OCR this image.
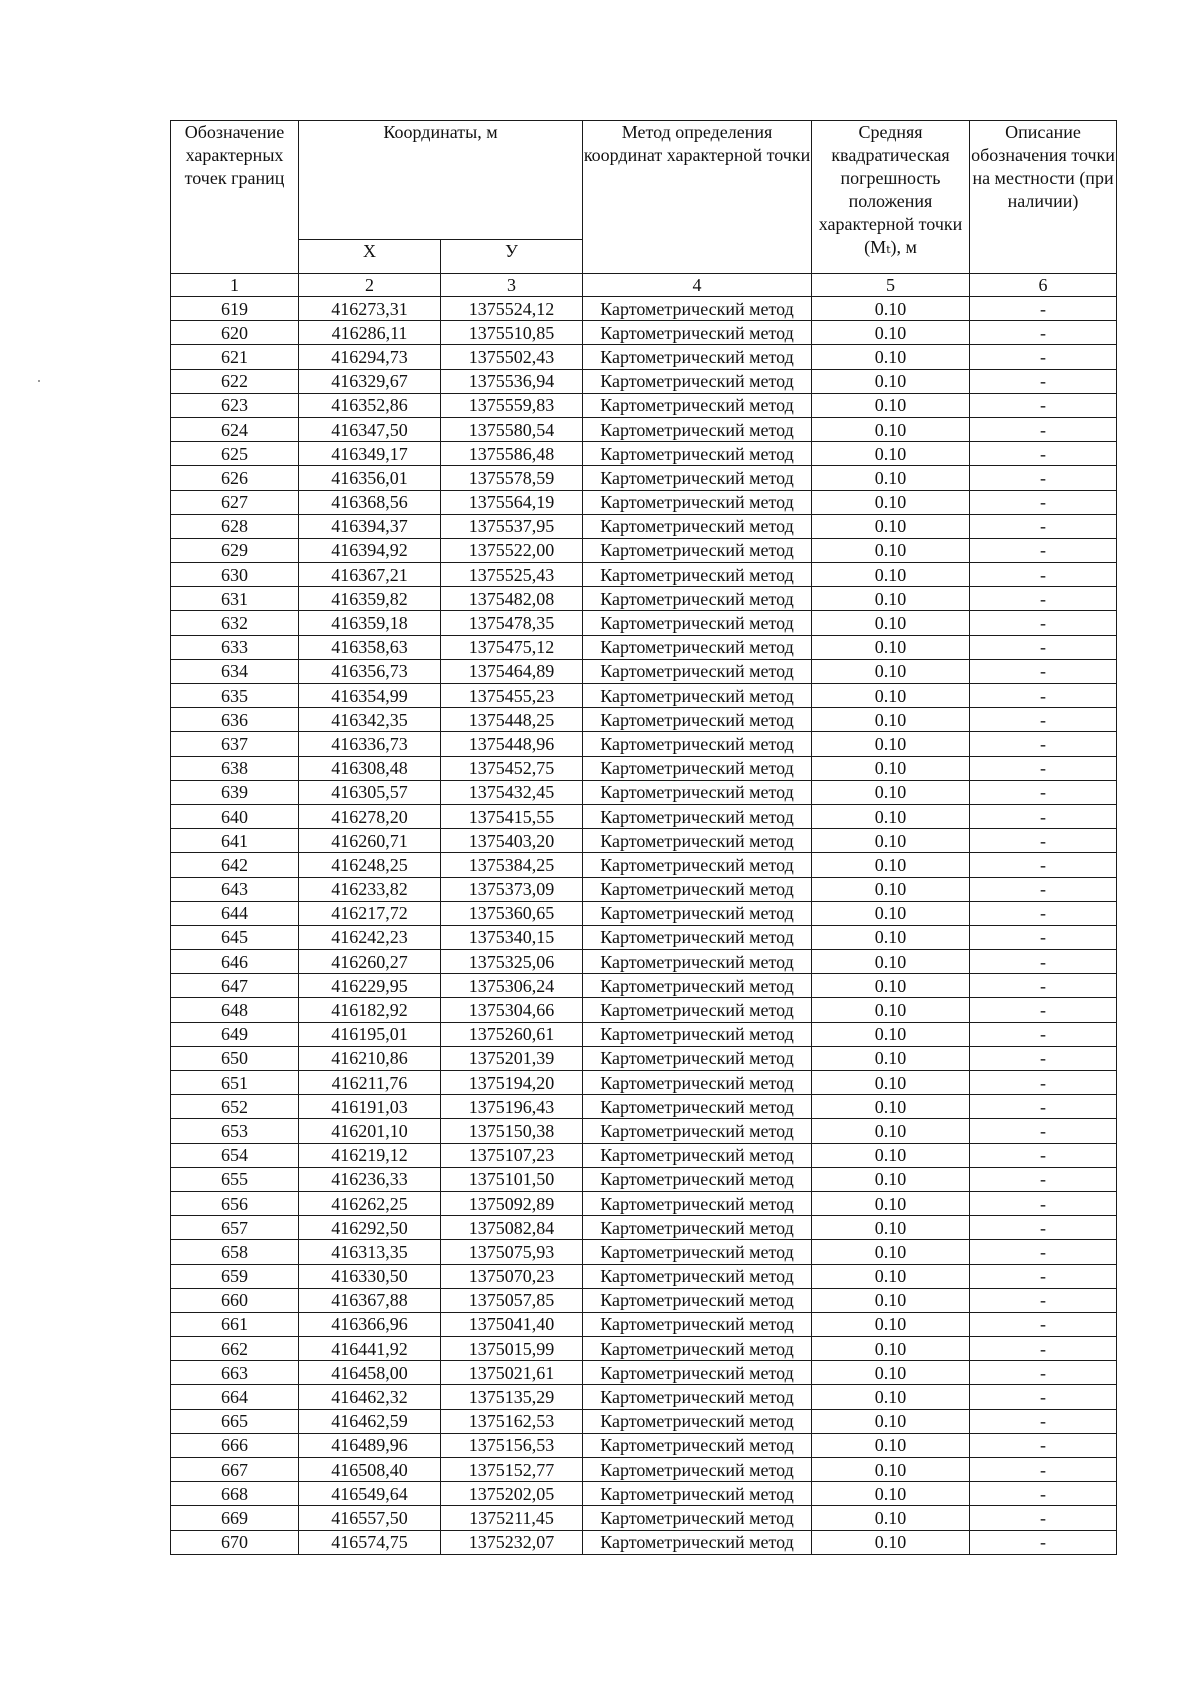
Обозначение характерных точек границ	Координаты, м		Метод определения координат характерной точки	Средняя квадратическая погрешность положения характерной точки (Mₜ), м	Описание обозначения точки на местности (при наличии)
	X	У			
1	2	3	4	5	6
619	416273,31	1375524,12	Картометрический метод	0.10	-
620	416286,11	1375510,85	Картометрический метод	0.10	-
621	416294,73	1375502,43	Картометрический метод	0.10	-
622	416329,67	1375536,94	Картометрический метод	0.10	-
623	416352,86	1375559,83	Картометрический метод	0.10	-
624	416347,50	1375580,54	Картометрический метод	0.10	-
625	416349,17	1375586,48	Картометрический метод	0.10	-
626	416356,01	1375578,59	Картометрический метод	0.10	-
627	416368,56	1375564,19	Картометрический метод	0.10	-
628	416394,37	1375537,95	Картометрический метод	0.10	-
629	416394,92	1375522,00	Картометрический метод	0.10	-
630	416367,21	1375525,43	Картометрический метод	0.10	-
631	416359,82	1375482,08	Картометрический метод	0.10	-
632	416359,18	1375478,35	Картометрический метод	0.10	-
633	416358,63	1375475,12	Картометрический метод	0.10	-
634	416356,73	1375464,89	Картометрический метод	0.10	-
635	416354,99	1375455,23	Картометрический метод	0.10	-
636	416342,35	1375448,25	Картометрический метод	0.10	-
637	416336,73	1375448,96	Картометрический метод	0.10	-
638	416308,48	1375452,75	Картометрический метод	0.10	-
639	416305,57	1375432,45	Картометрический метод	0.10	-
640	416278,20	1375415,55	Картометрический метод	0.10	-
641	416260,71	1375403,20	Картометрический метод	0.10	-
642	416248,25	1375384,25	Картометрический метод	0.10	-
643	416233,82	1375373,09	Картометрический метод	0.10	-
644	416217,72	1375360,65	Картометрический метод	0.10	-
645	416242,23	1375340,15	Картометрический метод	0.10	-
646	416260,27	1375325,06	Картометрический метод	0.10	-
647	416229,95	1375306,24	Картометрический метод	0.10	-
648	416182,92	1375304,66	Картометрический метод	0.10	-
649	416195,01	1375260,61	Картометрический метод	0.10	-
650	416210,86	1375201,39	Картометрический метод	0.10	-
651	416211,76	1375194,20	Картометрический метод	0.10	-
652	416191,03	1375196,43	Картометрический метод	0.10	-
653	416201,10	1375150,38	Картометрический метод	0.10	-
654	416219,12	1375107,23	Картометрический метод	0.10	-
655	416236,33	1375101,50	Картометрический метод	0.10	-
656	416262,25	1375092,89	Картометрический метод	0.10	-
657	416292,50	1375082,84	Картометрический метод	0.10	-
658	416313,35	1375075,93	Картометрический метод	0.10	-
659	416330,50	1375070,23	Картометрический метод	0.10	-
660	416367,88	1375057,85	Картометрический метод	0.10	-
661	416366,96	1375041,40	Картометрический метод	0.10	-
662	416441,92	1375015,99	Картометрический метод	0.10	-
663	416458,00	1375021,61	Картометрический метод	0.10	-
664	416462,32	1375135,29	Картометрический метод	0.10	-
665	416462,59	1375162,53	Картометрический метод	0.10	-
666	416489,96	1375156,53	Картометрический метод	0.10	-
667	416508,40	1375152,77	Картометрический метод	0.10	-
668	416549,64	1375202,05	Картометрический метод	0.10	-
669	416557,50	1375211,45	Картометрический метод	0.10	-
670	416574,75	1375232,07	Картометрический метод	0.10	-
